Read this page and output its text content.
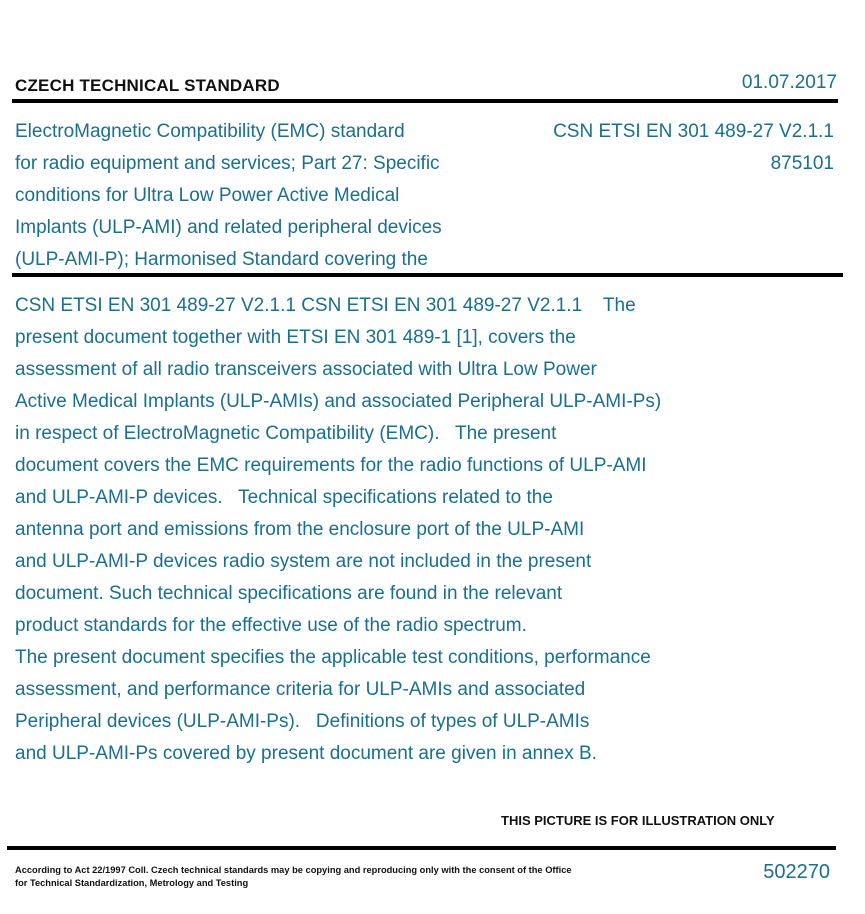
CZECH TECHNICAL STANDARD	01.07.2017
ElectroMagnetic Compatibility (EMC) standard
for radio equipment and services; Part 27: Specific
conditions for Ultra Low Power Active Medical
Implants (ULP-AMI) and related peripheral devices
(ULP-AMI-P); Harmonised Standard covering the
CSN ETSI EN 301 489-27 V2.1.1
875101
CSN ETSI EN 301 489-27 V2.1.1 CSN ETSI EN 301 489-27 V2.1.1    The
present document together with ETSI EN 301 489-1 [1], covers the
assessment of all radio transceivers associated with Ultra Low Power
Active Medical Implants (ULP-AMIs) and associated Peripheral ULP-AMI-Ps)
in respect of ElectroMagnetic Compatibility (EMC).   The present
document covers the EMC requirements for the radio functions of ULP-AMI
and ULP-AMI-P devices.   Technical specifications related to the
antenna port and emissions from the enclosure port of the ULP-AMI
and ULP-AMI-P devices radio system are not included in the present
document. Such technical specifications are found in the relevant
product standards for the effective use of the radio spectrum.
The present document specifies the applicable test conditions, performance
assessment, and performance criteria for ULP-AMIs and associated
Peripheral devices (ULP-AMI-Ps).   Definitions of types of ULP-AMIs
and ULP-AMI-Ps covered by present document are given in annex B.
THIS PICTURE IS FOR ILLUSTRATION ONLY
According to Act 22/1997 Coll. Czech technical standards may be copying and reproducing only with the consent of the Office
for Technical Standardization, Metrology and Testing	502270
